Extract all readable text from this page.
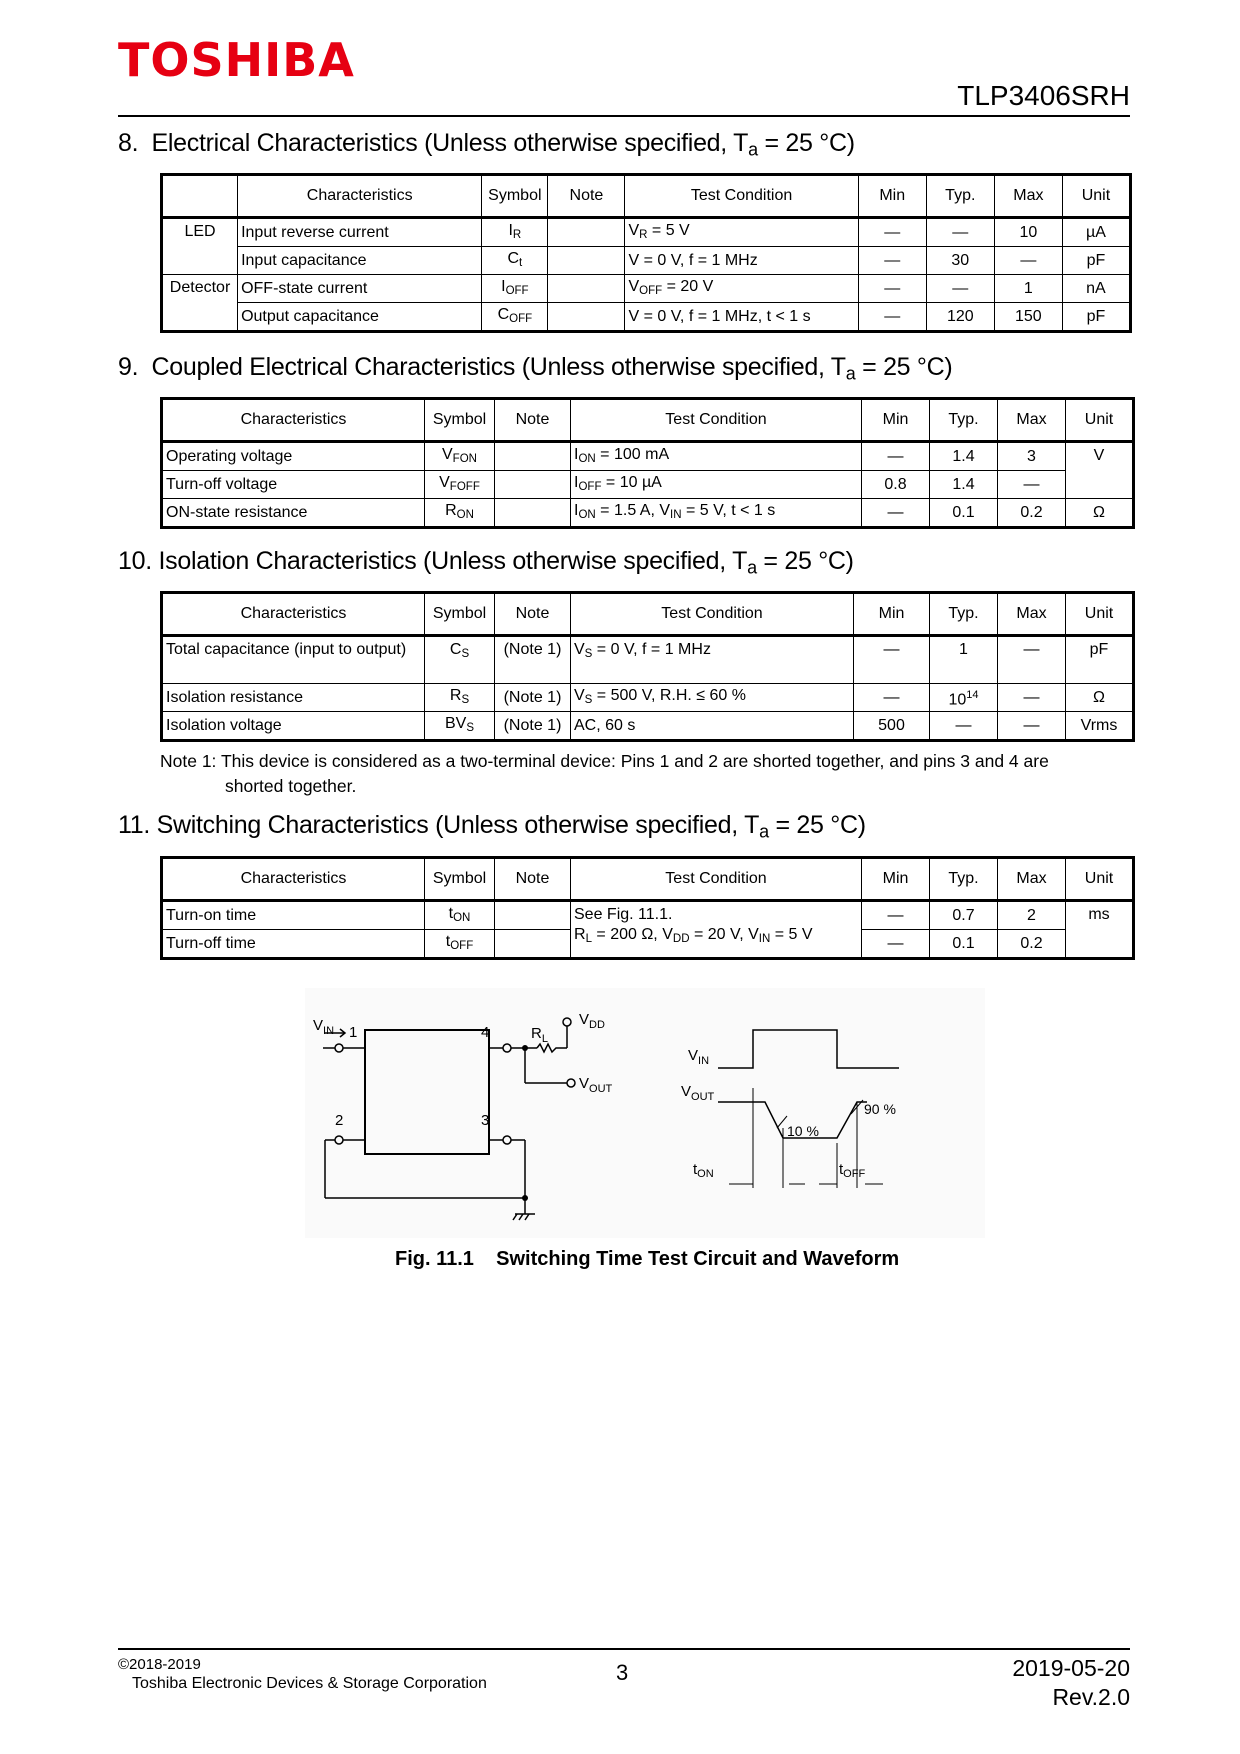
TOSHIBA
TLP3406SRH
8. Electrical Characteristics (Unless otherwise specified, $T_a = 25$ °C)
	Characteristics	Symbol	Note	Test Condition	Min	Typ.	Max	Unit
LED	Input reverse current	$I_R$		$V_R = 5$ V	—	—	10	µA
	Input capacitance	$C_t$		V = 0 V, f = 1 MHz	—	30	—	pF
Detector	OFF-state current	$I_{OFF}$		$V_{OFF} = 20$ V	—	—	1	nA
	Output capacitance	$C_{OFF}$		V = 0 V, f = 1 MHz, t < 1 s	—	120	150	pF
9. Coupled Electrical Characteristics (Unless otherwise specified, $T_a = 25$ °C)
Characteristics	Symbol	Note	Test Condition	Min	Typ.	Max	Unit
Operating voltage	$V_{FON}$		$I_{ON} = 100$ mA	—	1.4	3	V
Turn-off voltage	$V_{FOFF}$		$I_{OFF} = 10$ µA	0.8	1.4	—	
ON-state resistance	$R_{ON}$		$I_{ON} = 1.5$ A, $V_{IN} = 5$ V, t < 1 s	—	0.1	0.2	Ω
10. Isolation Characteristics (Unless otherwise specified, $T_a = 25$ °C)
Characteristics	Symbol	Note	Test Condition	Min	Typ.	Max	Unit
Total capacitance (input to output)	$C_S$	(Note 1)	$V_S = 0$ V, f = 1 MHz	—	1	—	pF
Isolation resistance	$R_S$	(Note 1)	$V_S = 500$ V, R.H. ≤ 60 %	—	$10^{14}$	—	Ω
Isolation voltage	$BV_S$	(Note 1)	AC, 60 s	500	—	—	Vrms
Note 1: This device is considered as a two-terminal device: Pins 1 and 2 are shorted together, and pins 3 and 4 are
shorted together.
11. Switching Characteristics (Unless otherwise specified, $T_a = 25$ °C)
Characteristics	Symbol	Note	Test Condition	Min	Typ.	Max	Unit
Turn-on time	$t_{ON}$		See Fig. 11.1.
$R_L = 200$ Ω, $V_{DD} = 20$ V, $V_{IN} = 5$ V	—	0.7	2	ms
Turn-off time	$t_{OFF}$			—	0.1	0.2	
$V_{IN}$ 1
2	3
4	$R_L$
$V_{DD}$
$V_{OUT}$
$V_{IN}$
$V_{OUT}$
10 %
90 %
$t_{ON}$	$t_{OFF}$
Fig. 11.1    Switching Time Test Circuit and Waveform
©2018-2019
Toshiba Electronic Devices & Storage Corporation	3	2019-05-20
Rev.2.0
